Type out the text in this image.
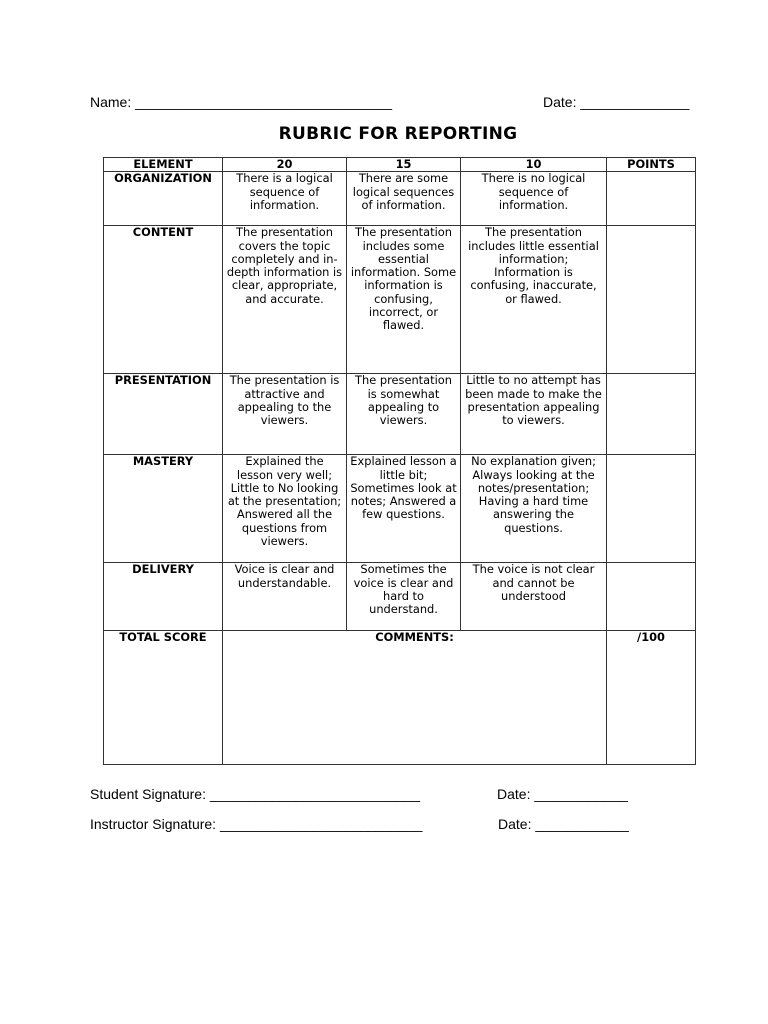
Name: _________________________________	Date: ______________
RUBRIC FOR REPORTING
ELEMENT	20	15	10	POINTS
ORGANIZATION	There is a logical sequence of information.	There are some logical sequences of information.	There is no logical sequence of information.	
CONTENT	The presentation covers the topic completely and in-depth information is clear, appropriate, and accurate.	The presentation includes some essential information. Some information is confusing, incorrect, or flawed.	The presentation includes little essential information; Information is confusing, inaccurate, or flawed.	
PRESENTATION	The presentation is attractive and appealing to the viewers.	The presentation is somewhat appealing to viewers.	Little to no attempt has been made to make the presentation appealing to viewers.	
MASTERY	Explained the lesson very well; Little to No looking at the presentation; Answered all the questions from viewers.	Explained lesson a little bit; Sometimes look at notes; Answered a few questions.	No explanation given; Always looking at the notes/presentation; Having a hard time answering the questions.	
DELIVERY	Voice is clear and understandable.	Sometimes the voice is clear and hard to understand.	The voice is not clear and cannot be understood	
TOTAL SCORE	COMMENTS:			/100
Student Signature: ___________________________	Date: ____________
Instructor Signature: __________________________	Date: ____________
